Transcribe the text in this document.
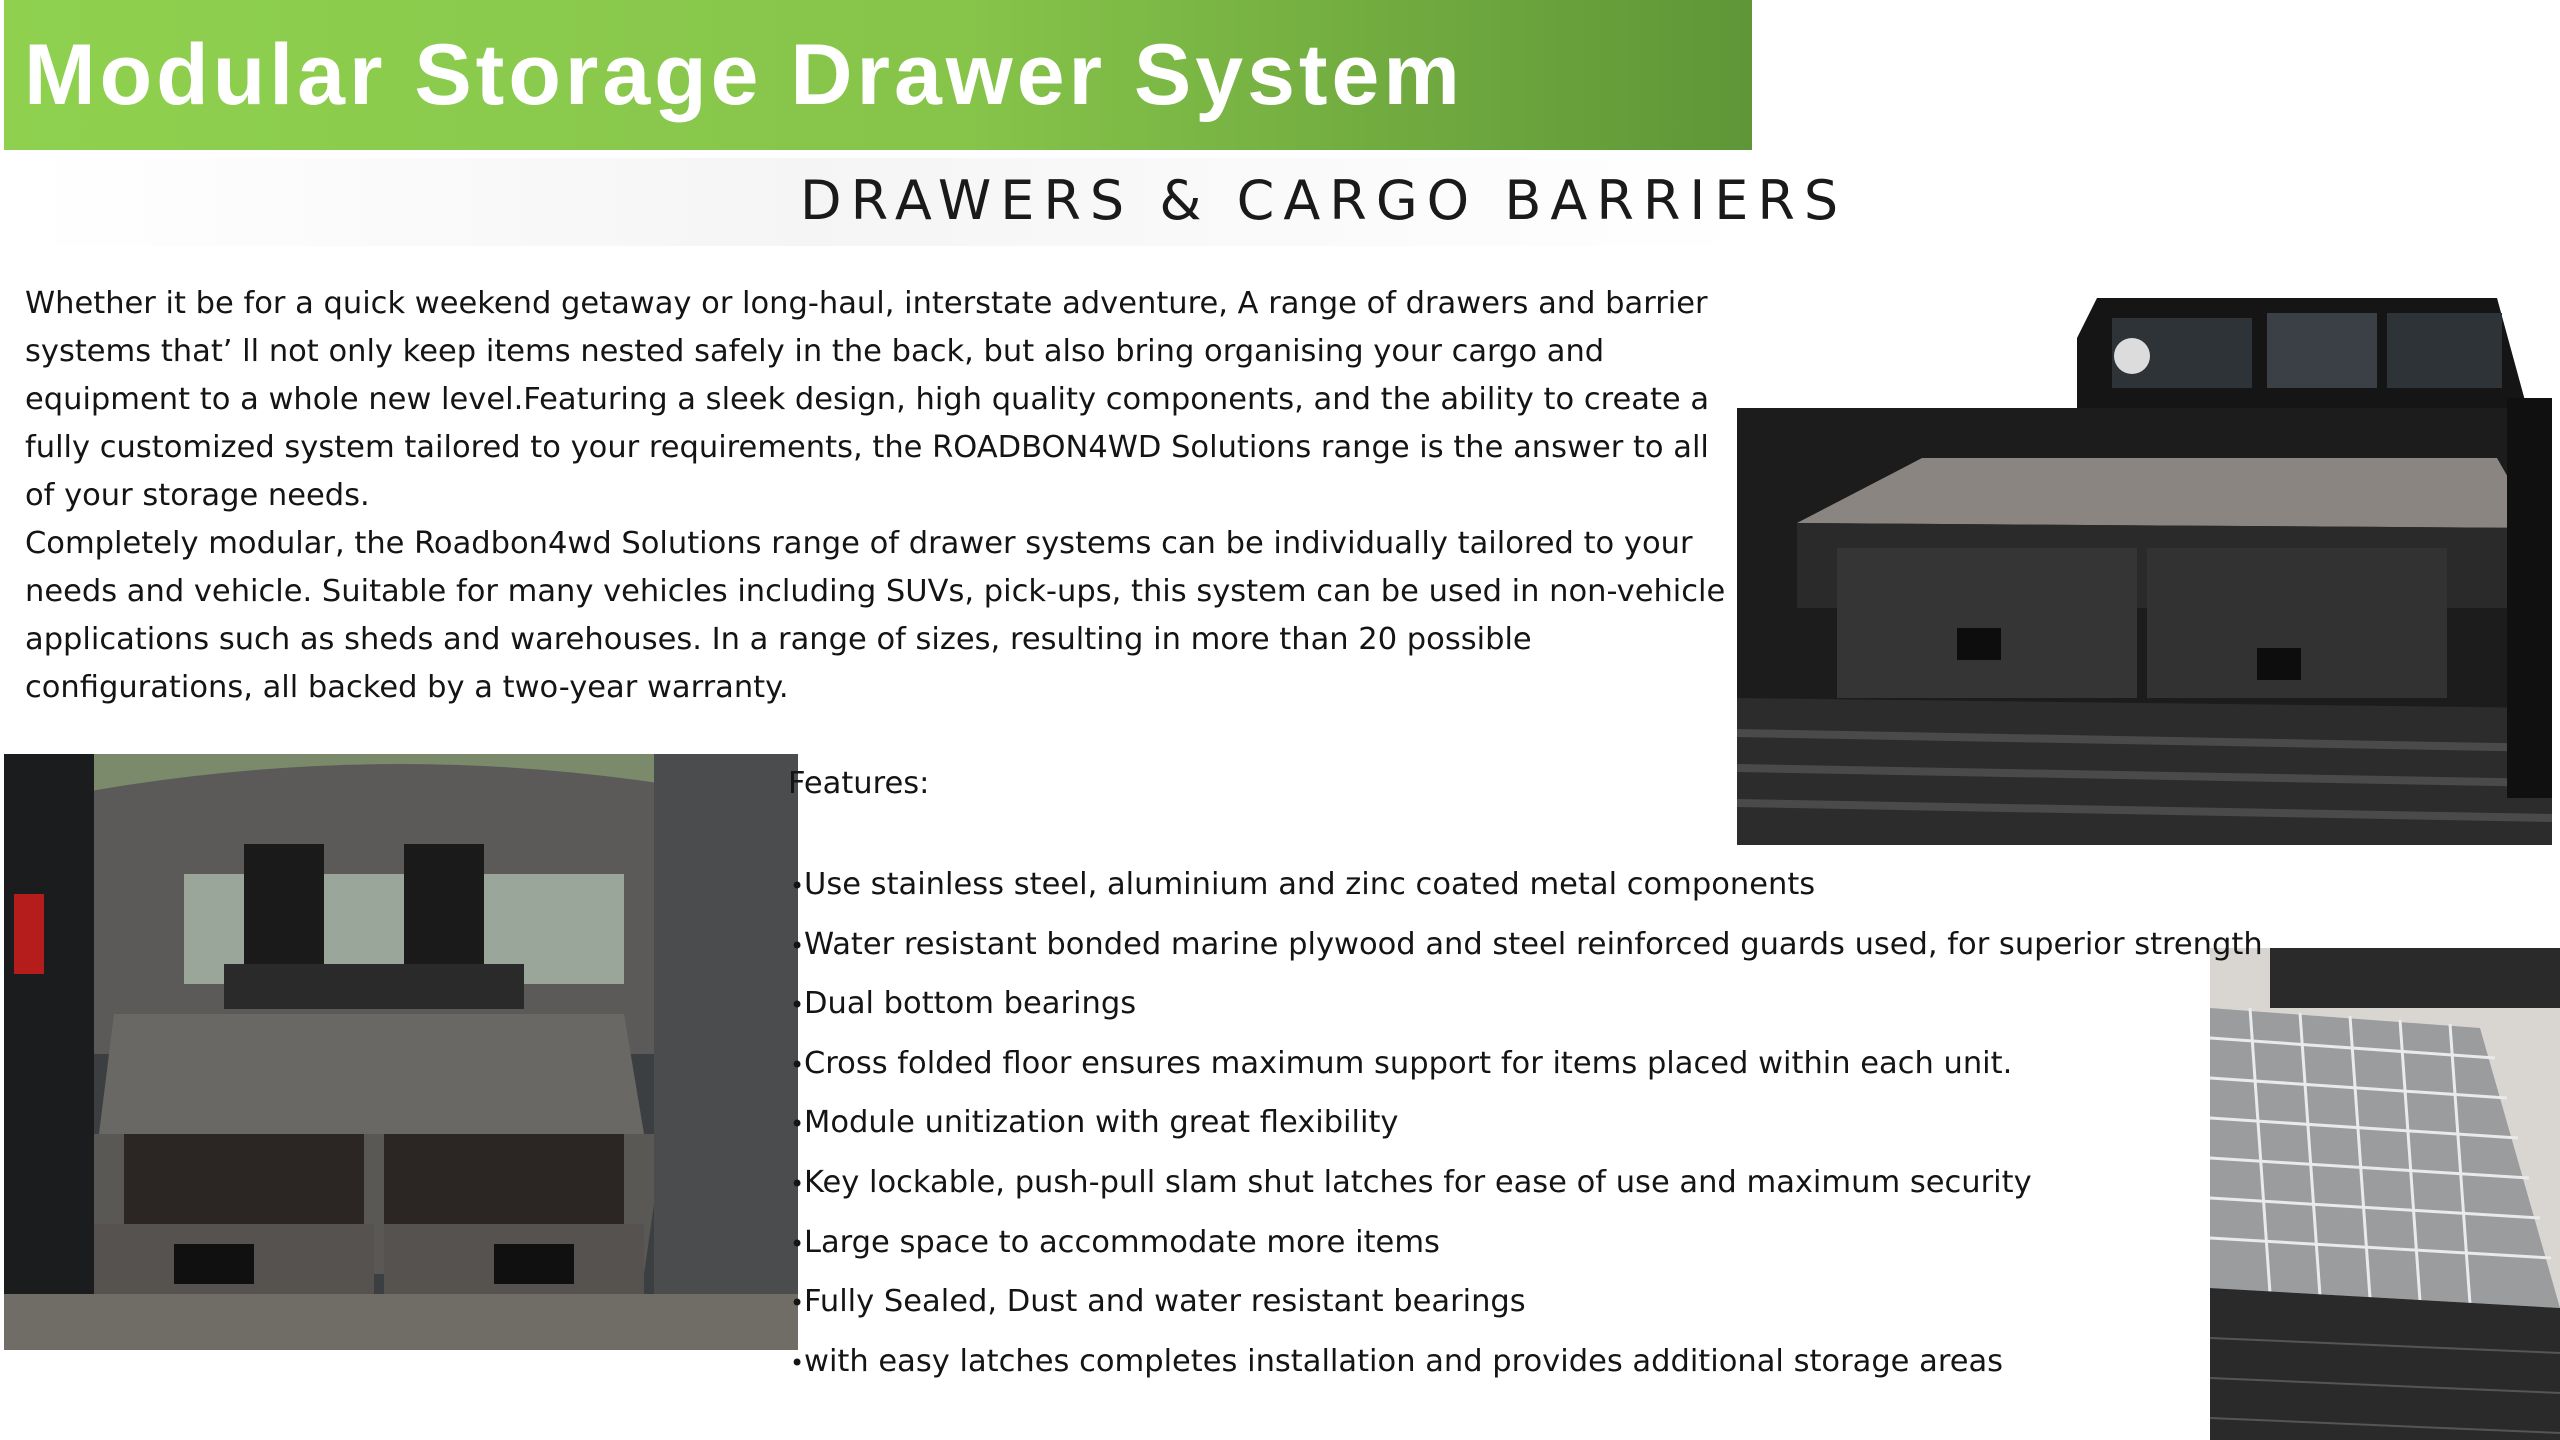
Modular Storage Drawer System
DRAWERS & CARGO BARRIERS

Whether it be for a quick weekend getaway or long-haul, interstate adventure, A range of drawers and barrier systems that’ ll not only keep items nested safely in the back, but also bring organising your cargo and equipment to a whole new level.Featuring a sleek design, high quality components, and the ability to create a fully customized system tailored to your requirements, the ROADBON4WD Solutions range is the answer to all of your storage needs.

Completely modular, the Roadbon4wd Solutions range of drawer systems can be individually tailored to your needs and vehicle. Suitable for many vehicles including SUVs, pick-ups, this system can be used in non-vehicle applications such as sheds and warehouses. In a range of sizes, resulting in more than 20 possible configurations, all backed by a two-year warranty.

Features:

•Use stainless steel, aluminium and zinc coated metal components
•Water resistant bonded marine plywood and steel reinforced guards used, for superior strength
•Dual bottom bearings
•Cross folded floor ensures maximum support for items placed within each unit.
•Module unitization with great flexibility
•Key lockable, push-pull slam shut latches for ease of use and maximum security
•Large space to accommodate more items
•Fully Sealed, Dust and water resistant bearings
•with easy latches completes installation and provides additional storage areas
